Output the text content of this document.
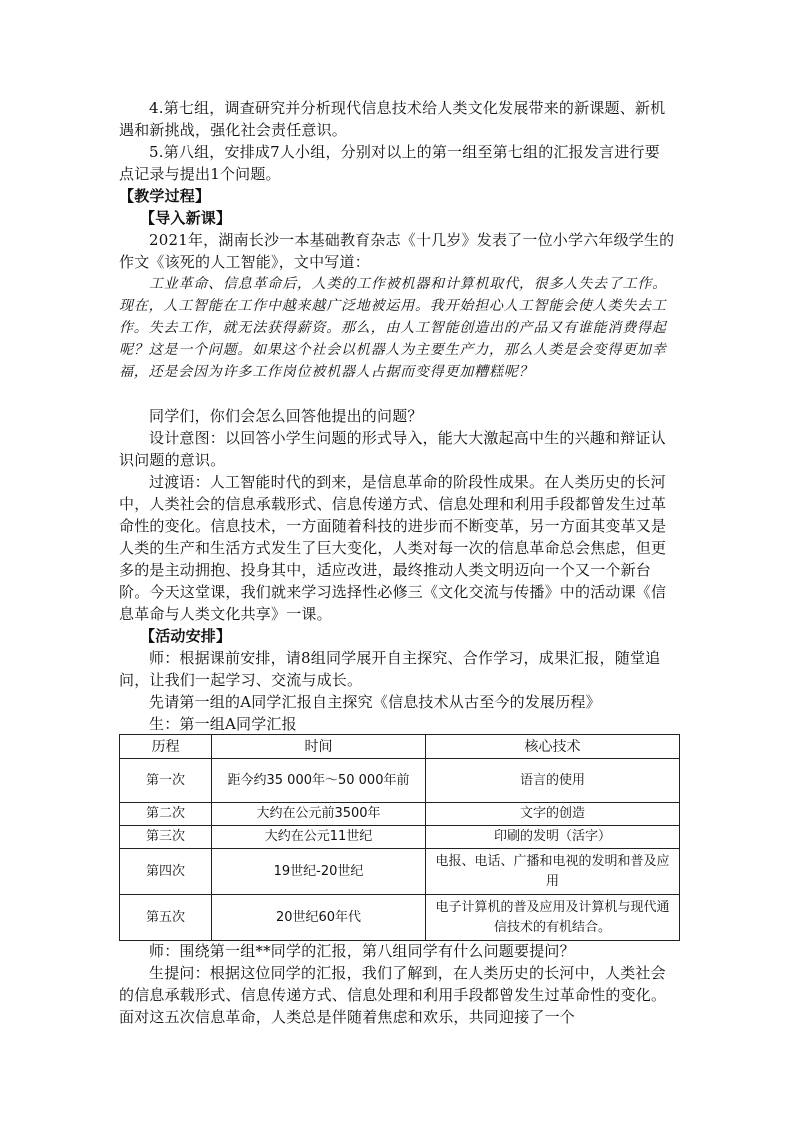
4.第七组，调查研究并分析现代信息技术给人类文化发展带来的新课题、新机遇和新挑战，强化社会责任意识。
5.第八组，安排成7人小组，分别对以上的第一组至第七组的汇报发言进行要点记录与提出1个问题。
【教学过程】
【导入新课】
2021年，湖南长沙一本基础教育杂志《十几岁》发表了一位小学六年级学生的作文《该死的人工智能》，文中写道：
工业革命、信息革命后，人类的工作被机器和计算机取代，很多人失去了工作。现在，人工智能在工作中越来越广泛地被运用。我开始担心人工智能会使人类失去工作。失去工作，就无法获得薪资。那么，由人工智能创造出的产品又有谁能消费得起呢？这是一个问题。如果这个社会以机器人为主要生产力，那么人类是会变得更加幸福，还是会因为许多工作岗位被机器人占据而变得更加糟糕呢？
同学们，你们会怎么回答他提出的问题？
设计意图：以回答小学生问题的形式导入，能大大激起高中生的兴趣和辩证认识问题的意识。
过渡语：人工智能时代的到来，是信息革命的阶段性成果。在人类历史的长河中，人类社会的信息承载形式、信息传递方式、信息处理和利用手段都曾发生过革命性的变化。信息技术，一方面随着科技的进步而不断变革，另一方面其变革又是人类的生产和生活方式发生了巨大变化，人类对每一次的信息革命总会焦虑，但更多的是主动拥抱、投身其中，适应改进，最终推动人类文明迈向一个又一个新台阶。今天这堂课，我们就来学习选择性必修三《文化交流与传播》中的活动课《信息革命与人类文化共享》一课。
【活动安排】
师：根据课前安排，请8组同学展开自主探究、合作学习，成果汇报，随堂追问，让我们一起学习、交流与成长。
先请第一组的A同学汇报自主探究《信息技术从古至今的发展历程》
生：第一组A同学汇报
历程	时间	核心技术
第一次	距今约35 000年～50 000年前	语言的使用
第二次	大约在公元前3500年	文字的创造
第三次	大约在公元11世纪	印刷的发明（活字）
第四次	19世纪-20世纪	电报、电话、广播和电视的发明和普及应用
第五次	20世纪60年代	电子计算机的普及应用及计算机与现代通信技术的有机结合。
师：围绕第一组**同学的汇报，第八组同学有什么问题要提问？
生提问：根据这位同学的汇报，我们了解到，在人类历史的长河中，人类社会的信息承载形式、信息传递方式、信息处理和利用手段都曾发生过革命性的变化。面对这五次信息革命，人类总是伴随着焦虑和欢乐，共同迎接了一个
